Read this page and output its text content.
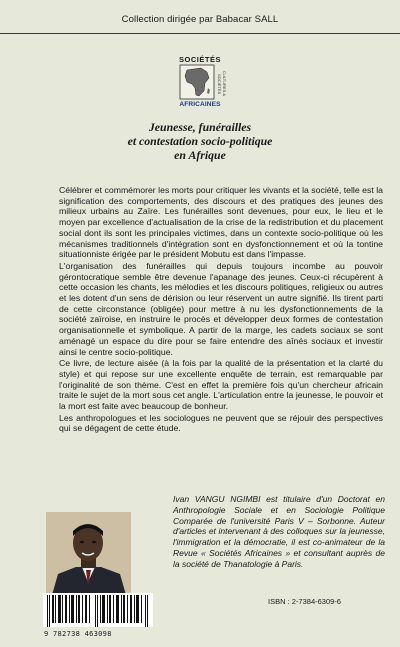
Collection dirigée par Babacar SALL
SOCIÉTÉS
CULTURES & SOCIÉTÉS
AFRICAINES
Jeunesse, funérailles
et contestation socio-politique
en Afrique

Célébrer et commémorer les morts pour critiquer les vivants et la société, telle est la signification des comportements, des discours et des pratiques des jeunes des milieux urbains au Zaïre. Les funérailles sont devenues, pour eux, le lieu et le moyen par excellence d'actualisation de la crise de la redistribution et du placement social dont ils sont les principales victimes, dans un contexte socio-politique où les mécanismes traditionnels d'intégration sont en dysfonctionnement et où la tontine situationniste érigée par le président Mobutu est dans l'impasse.

L'organisation des funérailles qui depuis toujours incombe au pouvoir gérontocratique semble être devenue l'apanage des jeunes. Ceux-ci récupèrent à cette occasion les chants, les mélodies et les discours politiques, religieux ou autres et les dotent d'un sens de dérision ou leur réservent un autre signifié. Ils tirent parti de cette circonstance (obligée) pour mettre à nu les dysfonctionnements de la société zaïroise, en instruire le procès et développer deux formes de contestation organisationnelle et symbolique. A partir de la marge, les cadets sociaux se sont aménagé un espace du dire pour se faire entendre des aînés sociaux et investir ainsi le centre socio-politique.

Ce livre, de lecture aisée (à la fois par la qualité de la présentation et la clarté du style) et qui repose sur une excellente enquête de terrain, est remarquable par l'originalité de son thème. C'est en effet la première fois qu'un chercheur africain traite le sujet de la mort sous cet angle. L'articulation entre la jeunesse, le pouvoir et la mort est faite avec beaucoup de bonheur.

Les anthropologues et les sociologues ne peuvent que se réjouir des perspectives qui se dégagent de cette étude.

Ivan VANGU NGIMBI est titulaire d'un Doctorat en Anthropologie Sociale et en Sociologie Politique Comparée de l'université Paris V – Sorbonne. Auteur d'articles et intervenant à des colloques sur la jeunesse, l'immigration et la démocratie, il est co-animateur de la Revue « Sociétés Africaines » et consultant auprès de la société de Thanatologie à Paris.
9 782738 463098
ISBN : 2-7384-6309-6
